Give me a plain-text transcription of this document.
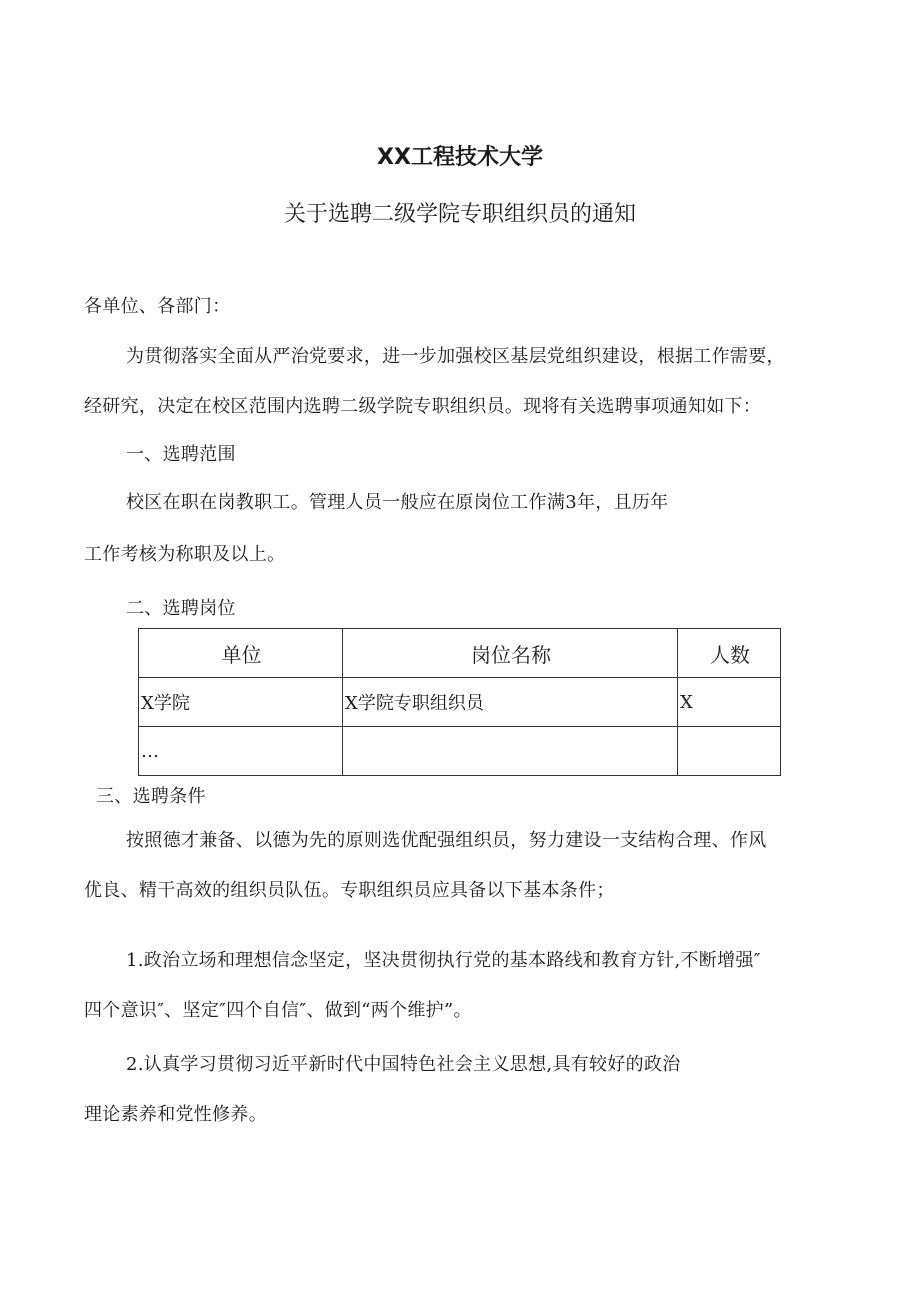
XX工程技术大学
关于选聘二级学院专职组织员的通知
各单位、各部门：
为贯彻落实全面从严治党要求，进一步加强校区基层党组织建设，根据工作需要，
经研究，决定在校区范围内选聘二级学院专职组织员。现将有关选聘事项通知如下：
一、选聘范围
校区在职在岗教职工。管理人员一般应在原岗位工作满3年，且历年
工作考核为称职及以上。
二、选聘岗位
单位	岗位名称	人数
X学院	X学院专职组织员	X
…		
三、选聘条件
按照德才兼备、以德为先的原则选优配强组织员，努力建设一支结构合理、作风
优良、精干高效的组织员队伍。专职组织员应具备以下基本条件；
1.政治立场和理想信念坚定，坚决贯彻执行党的基本路线和教育方针,不断增强″
四个意识″、坚定″四个自信″、做到“两个维护”。
2.认真学习贯彻习近平新时代中国特色社会主义思想,具有较好的政治
理论素养和党性修养。
